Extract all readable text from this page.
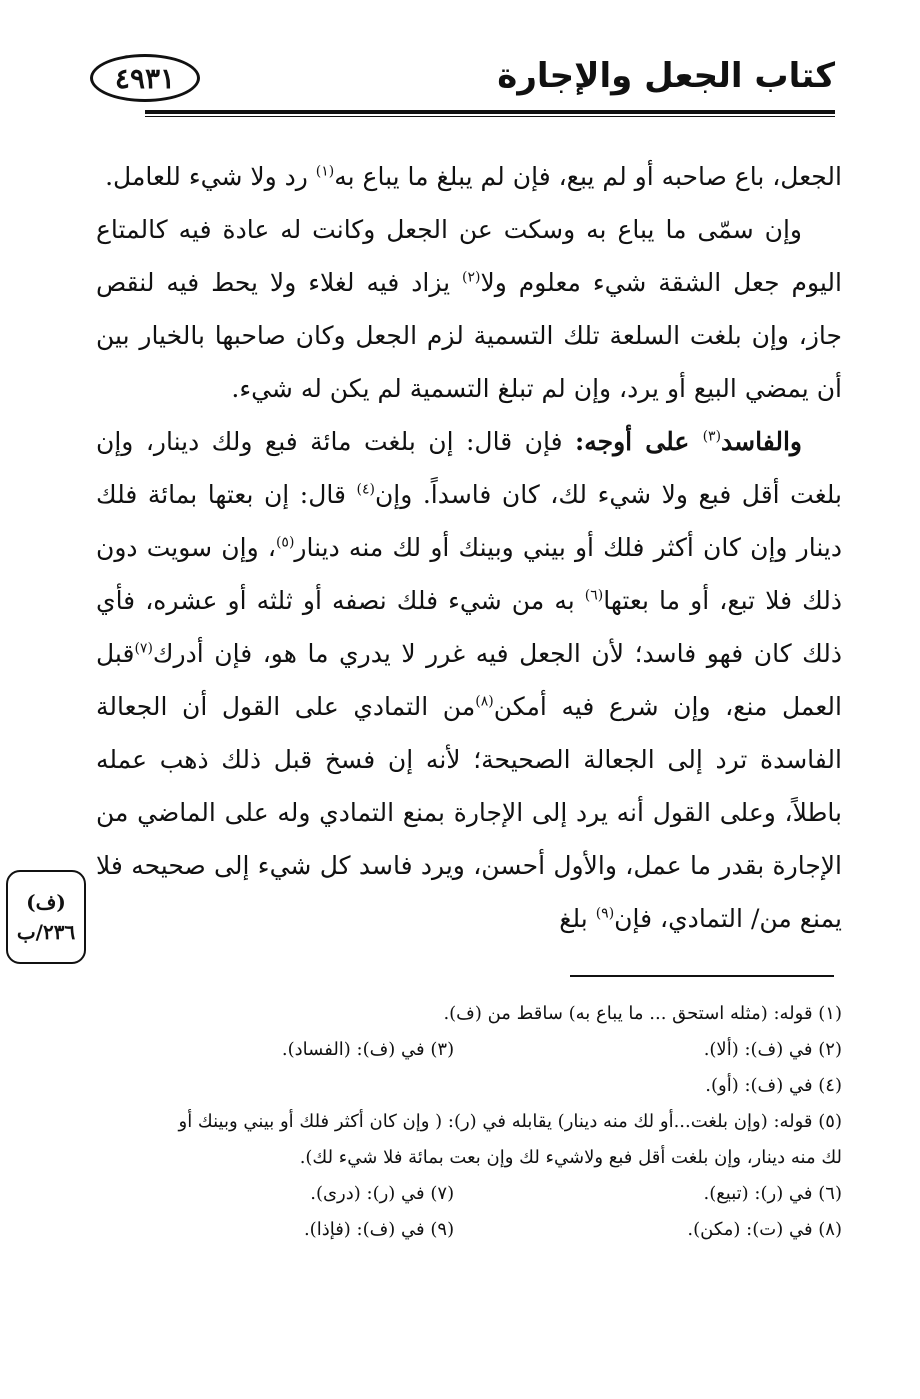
٤٩٣١	كتاب الجعل والإجارة

الجعل، باع صاحبه أو لم يبع، فإن لم يبلغ ما يباع به$^{(١)}$ رد ولا شيء للعامل.

وإن سمّى ما يباع به وسكت عن الجعل وكانت له عادة فيه كالمتاع اليوم جعل الشقة شيء معلوم ولا$^{(٢)}$ يزاد فيه لغلاء ولا يحط فيه لنقص جاز، وإن بلغت السلعة تلك التسمية لزم الجعل وكان صاحبها بالخيار بين أن يمضي البيع أو يرد، وإن لم تبلغ التسمية لم يكن له شيء.

والفاسد$^{(٣)}$ على أوجه: فإن قال: إن بلغت مائة فبع ولك دينار، وإن بلغت أقل فبع ولا شيء لك، كان فاسداً. وإن$^{(٤)}$ قال: إن بعتها بمائة فلك دينار وإن كان أكثر فلك أو بيني وبينك أو لك منه دينار$^{(٥)}$، وإن سويت دون ذلك فلا تبع، أو ما بعتها$^{(٦)}$ به من شيء فلك نصفه أو ثلثه أو عشره، فأي ذلك كان فهو فاسد؛ لأن الجعل فيه غرر لا يدري ما هو، فإن أدرك$^{(٧)}$قبل العمل منع، وإن شرع فيه أمكن$^{(٨)}$من التمادي على القول أن الجعالة الفاسدة ترد إلى الجعالة الصحيحة؛ لأنه إن فسخ قبل ذلك ذهب عمله باطلاً، وعلى القول أنه يرد إلى الإجارة بمنع التمادي وله على الماضي من الإجارة بقدر ما عمل، والأول أحسن، ويرد فاسد كل شيء إلى صحيحه فلا يمنع من/ التمادي، فإن$^{(٩)}$ بلغ

(ف)
٢٣٦/ب
(١) قوله: (مثله استحق ... ما يباع به) ساقط من (ف).
(٢) في (ف): (ألا).
(٣) في (ف): (الفساد).
(٤) في (ف): (أو).
(٥) قوله: (وإن بلغت...أو لك منه دينار) يقابله في (ر): ( وإن كان أكثر فلك أو بيني وبينك أو
لك منه دينار، وإن بلغت أقل فبع ولاشيء لك وإن بعت بمائة فلا شيء لك).
(٦) في (ر): (تبيع).
(٧) في (ر): (درى).
(٨) في (ت): (مكن).
(٩) في (ف): (فإذا).
